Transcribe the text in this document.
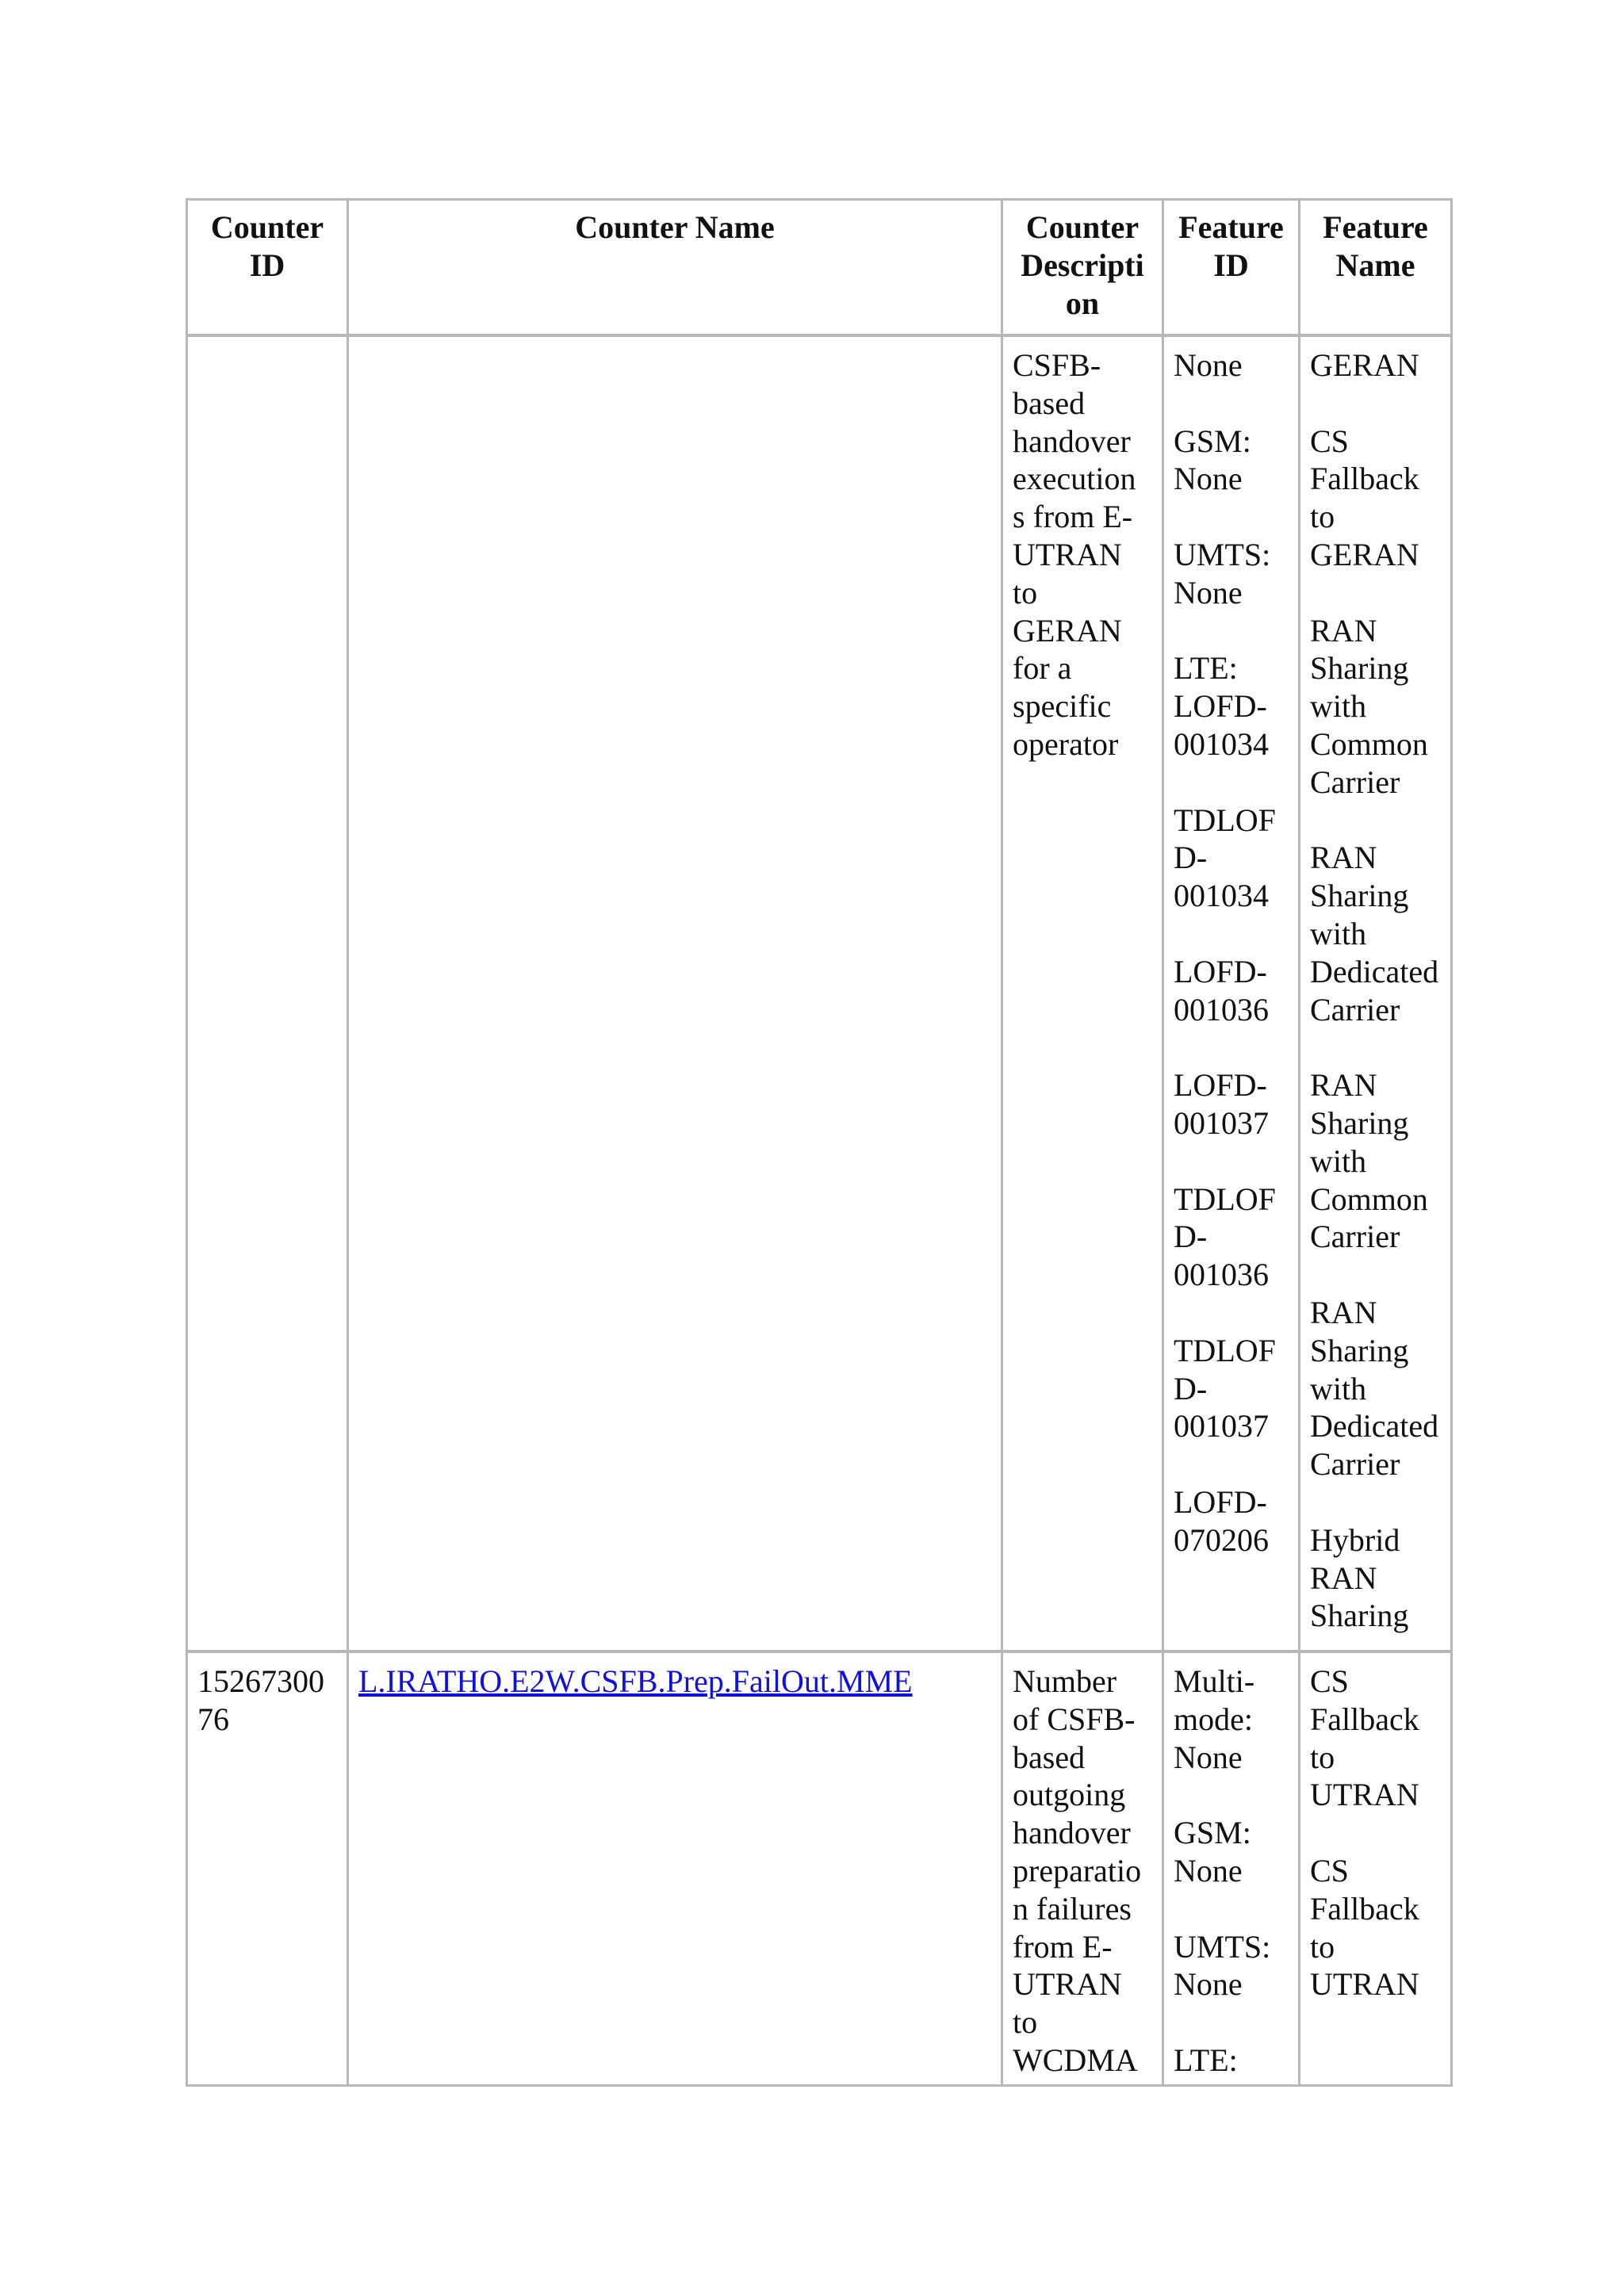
Counter
ID
Counter Name	Counter
Descripti
on
Feature
ID
Feature
Name
CSFB-
based
handover
execution
s from E-
UTRAN
to
GERAN
for a
specific
operator
None
GSM:
None
UMTS:
None
LTE:
LOFD-
001034
TDLOF
D-
001034
LOFD-
001036
LOFD-
001037
TDLOF
D-
001036
TDLOF
D-
001037
LOFD-
070206
GERAN
CS
Fallback
to
GERAN
RAN
Sharing
with
Common
Carrier
RAN
Sharing
with
Dedicated
Carrier
RAN
Sharing
with
Common
Carrier
RAN
Sharing
with
Dedicated
Carrier
Hybrid
RAN
Sharing
15267300
76
L.IRATHO.E2W.CSFB.Prep.FailOut.MME	Number
of CSFB-
based
outgoing
handover
preparatio
n failures
from E-
UTRAN
to
WCDMA
Multi-
mode:
None
GSM:
None
UMTS:
None
LTE:
CS
Fallback
to
UTRAN
CS
Fallback
to
UTRAN
